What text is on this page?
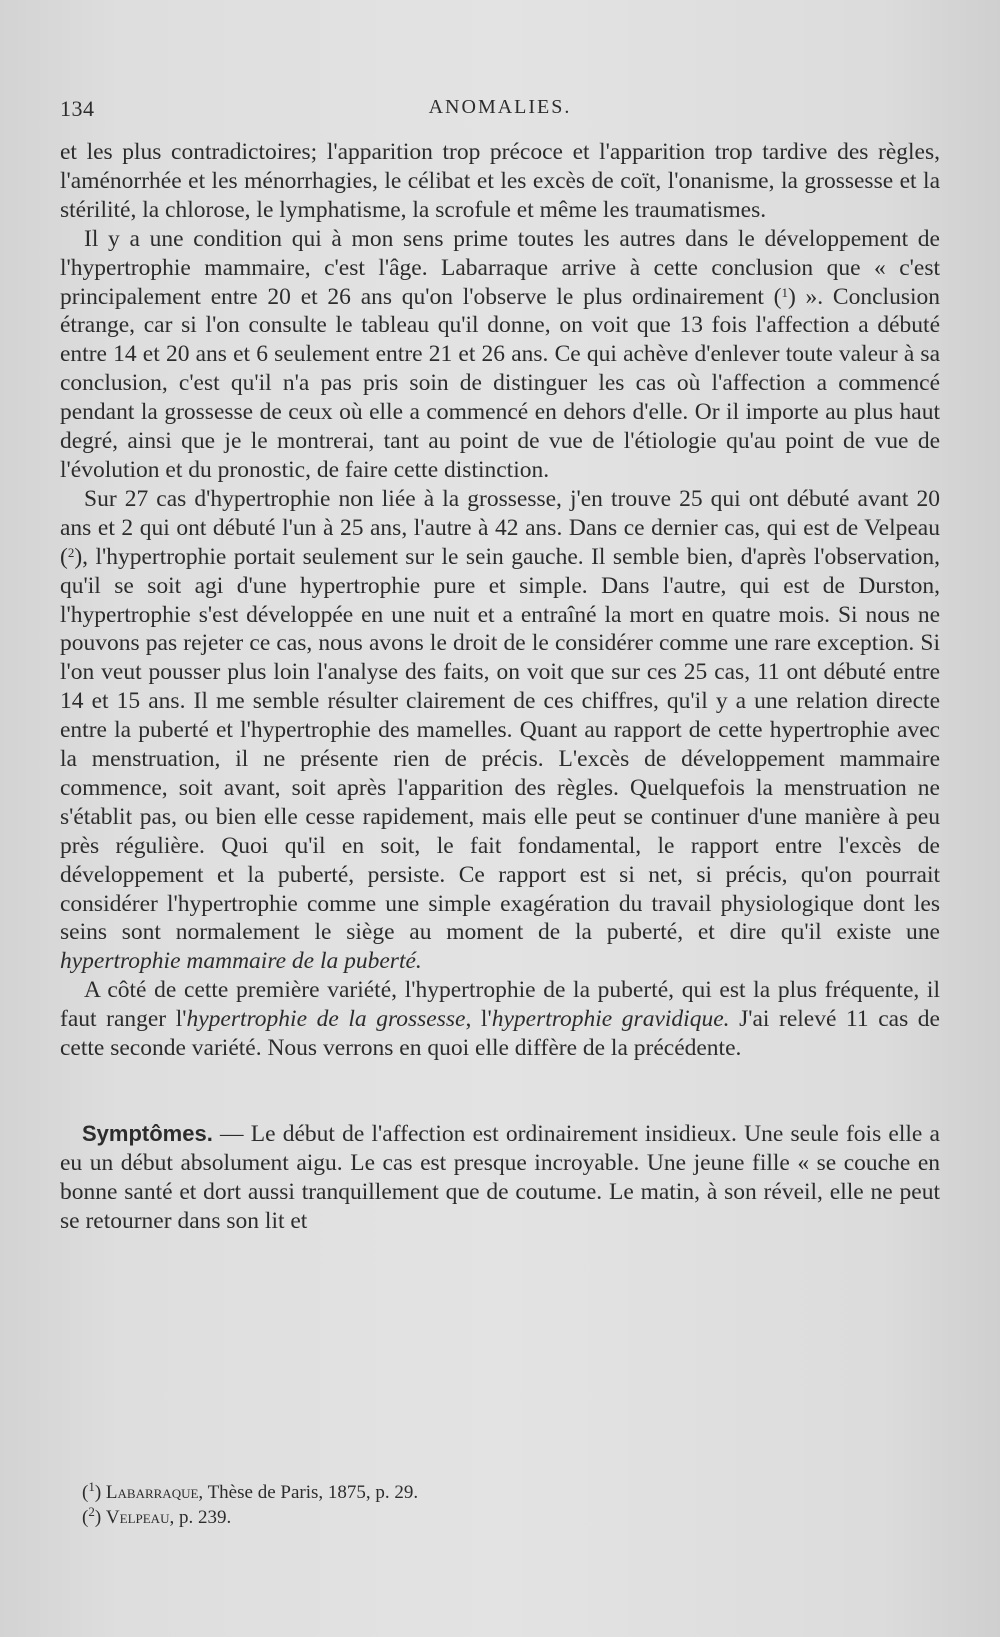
134	ANOMALIES.

et les plus contradictoires; l'apparition trop précoce et l'apparition trop tardive des règles, l'aménorrhée et les ménorrhagies, le célibat et les excès de coït, l'onanisme, la grossesse et la stérilité, la chlorose, le lymphatisme, la scrofule et même les traumatismes.

Il y a une condition qui à mon sens prime toutes les autres dans le développement de l'hypertrophie mammaire, c'est l'âge. Labarraque arrive à cette conclusion que « c'est principalement entre 20 et 26 ans qu'on l'observe le plus ordinairement ($^1$) ». Conclusion étrange, car si l'on consulte le tableau qu'il donne, on voit que 13 fois l'affection a débuté entre 14 et 20 ans et 6 seulement entre 21 et 26 ans. Ce qui achève d'enlever toute valeur à sa conclusion, c'est qu'il n'a pas pris soin de distinguer les cas où l'affection a commencé pendant la grossesse de ceux où elle a commencé en dehors d'elle. Or il importe au plus haut degré, ainsi que je le montrerai, tant au point de vue de l'étiologie qu'au point de vue de l'évolution et du pronostic, de faire cette distinction.

Sur 27 cas d'hypertrophie non liée à la grossesse, j'en trouve 25 qui ont débuté avant 20 ans et 2 qui ont débuté l'un à 25 ans, l'autre à 42 ans. Dans ce dernier cas, qui est de Velpeau ($^2$), l'hypertrophie portait seulement sur le sein gauche. Il semble bien, d'après l'observation, qu'il se soit agi d'une hypertrophie pure et simple. Dans l'autre, qui est de Durston, l'hypertrophie s'est développée en une nuit et a entraîné la mort en quatre mois. Si nous ne pouvons pas rejeter ce cas, nous avons le droit de le considérer comme une rare exception. Si l'on veut pousser plus loin l'analyse des faits, on voit que sur ces 25 cas, 11 ont débuté entre 14 et 15 ans. Il me semble résulter clairement de ces chiffres, qu'il y a une relation directe entre la puberté et l'hypertrophie des mamelles. Quant au rapport de cette hypertrophie avec la menstruation, il ne présente rien de précis. L'excès de développement mammaire commence, soit avant, soit après l'apparition des règles. Quelquefois la menstruation ne s'établit pas, ou bien elle cesse rapidement, mais elle peut se continuer d'une manière à peu près régulière. Quoi qu'il en soit, le fait fondamental, le rapport entre l'excès de développement et la puberté, persiste. Ce rapport est si net, si précis, qu'on pourrait considérer l'hypertrophie comme une simple exagération du travail physiologique dont les seins sont normalement le siège au moment de la puberté, et dire qu'il existe une hypertrophie mammaire de la puberté.

A côté de cette première variété, l'hypertrophie de la puberté, qui est la plus fréquente, il faut ranger l'hypertrophie de la grossesse, l'hypertrophie gravidique. J'ai relevé 11 cas de cette seconde variété. Nous verrons en quoi elle diffère de la précédente.

Symptômes. — Le début de l'affection est ordinairement insidieux. Une seule fois elle a eu un début absolument aigu. Le cas est presque incroyable. Une jeune fille « se couche en bonne santé et dort aussi tranquillement que de coutume. Le matin, à son réveil, elle ne peut se retourner dans son lit et

($^1$) Labarraque, Thèse de Paris, 1875, p. 29.
($^2$) Velpeau, p. 239.
